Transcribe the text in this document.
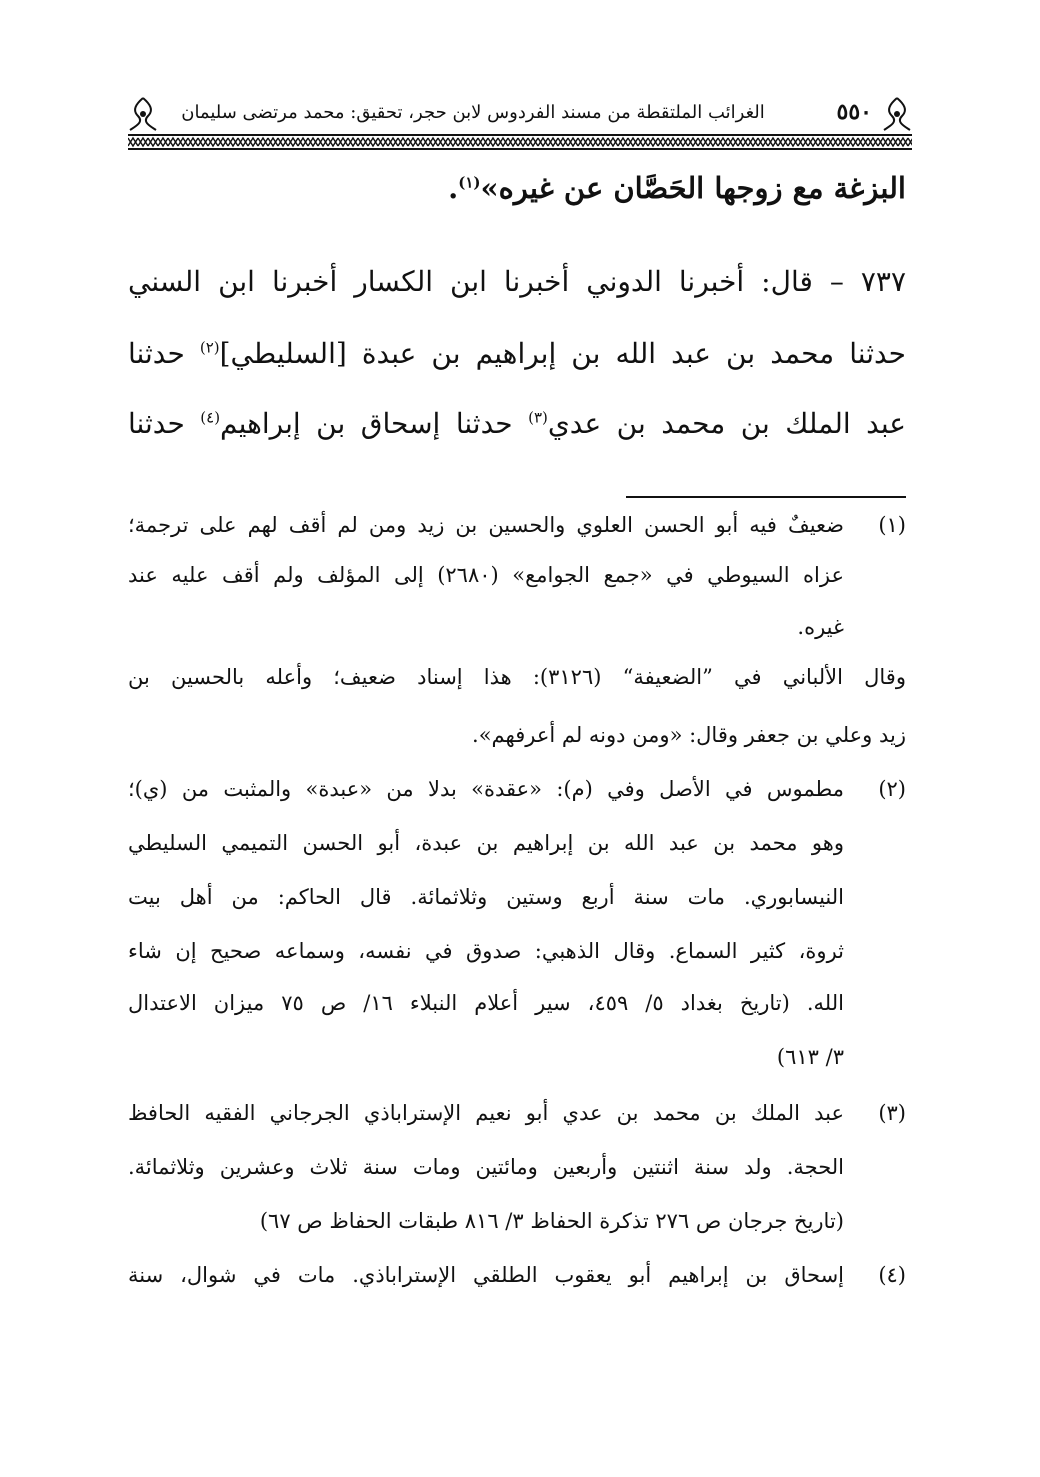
٥٥٠
الغرائب الملتقطة من مسند الفردوس لابن حجر، تحقيق: محمد مرتضى سليمان
البزغة مع زوجها الحَصَّان عن غيره»$^{(١)}$.
٧٣٧ – قال: أخبرنا الدوني أخبرنا ابن الكسار أخبرنا ابن السني
حدثنا محمد بن عبد الله بن إبراهيم بن عبدة [السليطي]$^{(٢)}$ حدثنا
عبد الملك بن محمد بن عدي$^{(٣)}$ حدثنا إسحاق بن إبراهيم$^{(٤)}$ حدثنا
(١)
ضعيفٌ فيه أبو الحسن العلوي والحسين بن زيد ومن لم أقف لهم على ترجمة؛
عزاه السيوطي في «جمع الجوامع» (٢٦٨٠) إلى المؤلف ولم أقف عليه عند
غيره.
وقال الألباني في ”الضعيفة“ (٣١٢٦): هذا إسناد ضعيف؛ وأعله بالحسين بن
زيد وعلي بن جعفر وقال: «ومن دونه لم أعرفهم».
(٢)
مطموس في الأصل وفي (م): «عقدة» بدلا من «عبدة» والمثبت من (ي)؛
وهو محمد بن عبد الله بن إبراهيم بن عبدة، أبو الحسن التميمي السليطي
النيسابوري. مات سنة أربع وستين وثلاثمائة. قال الحاكم: من أهل بيت
ثروة، كثير السماع. وقال الذهبي: صدوق في نفسه، وسماعه صحيح إن شاء
الله. (تاريخ بغداد ٥/ ٤٥٩، سير أعلام النبلاء ١٦/ ص ٧٥ ميزان الاعتدال
٣/ ٦١٣)
(٣)
عبد الملك بن محمد بن عدي أبو نعيم الإستراباذي الجرجاني الفقيه الحافظ
الحجة. ولد سنة اثنتين وأربعين ومائتين ومات سنة ثلاث وعشرين وثلاثمائة.
(تاريخ جرجان ص ٢٧٦ تذكرة الحفاظ ٣/ ٨١٦ طبقات الحفاظ ص ٦٧)
(٤)
إسحاق بن إبراهيم أبو يعقوب الطلقي الإستراباذي. مات في شوال، سنة
